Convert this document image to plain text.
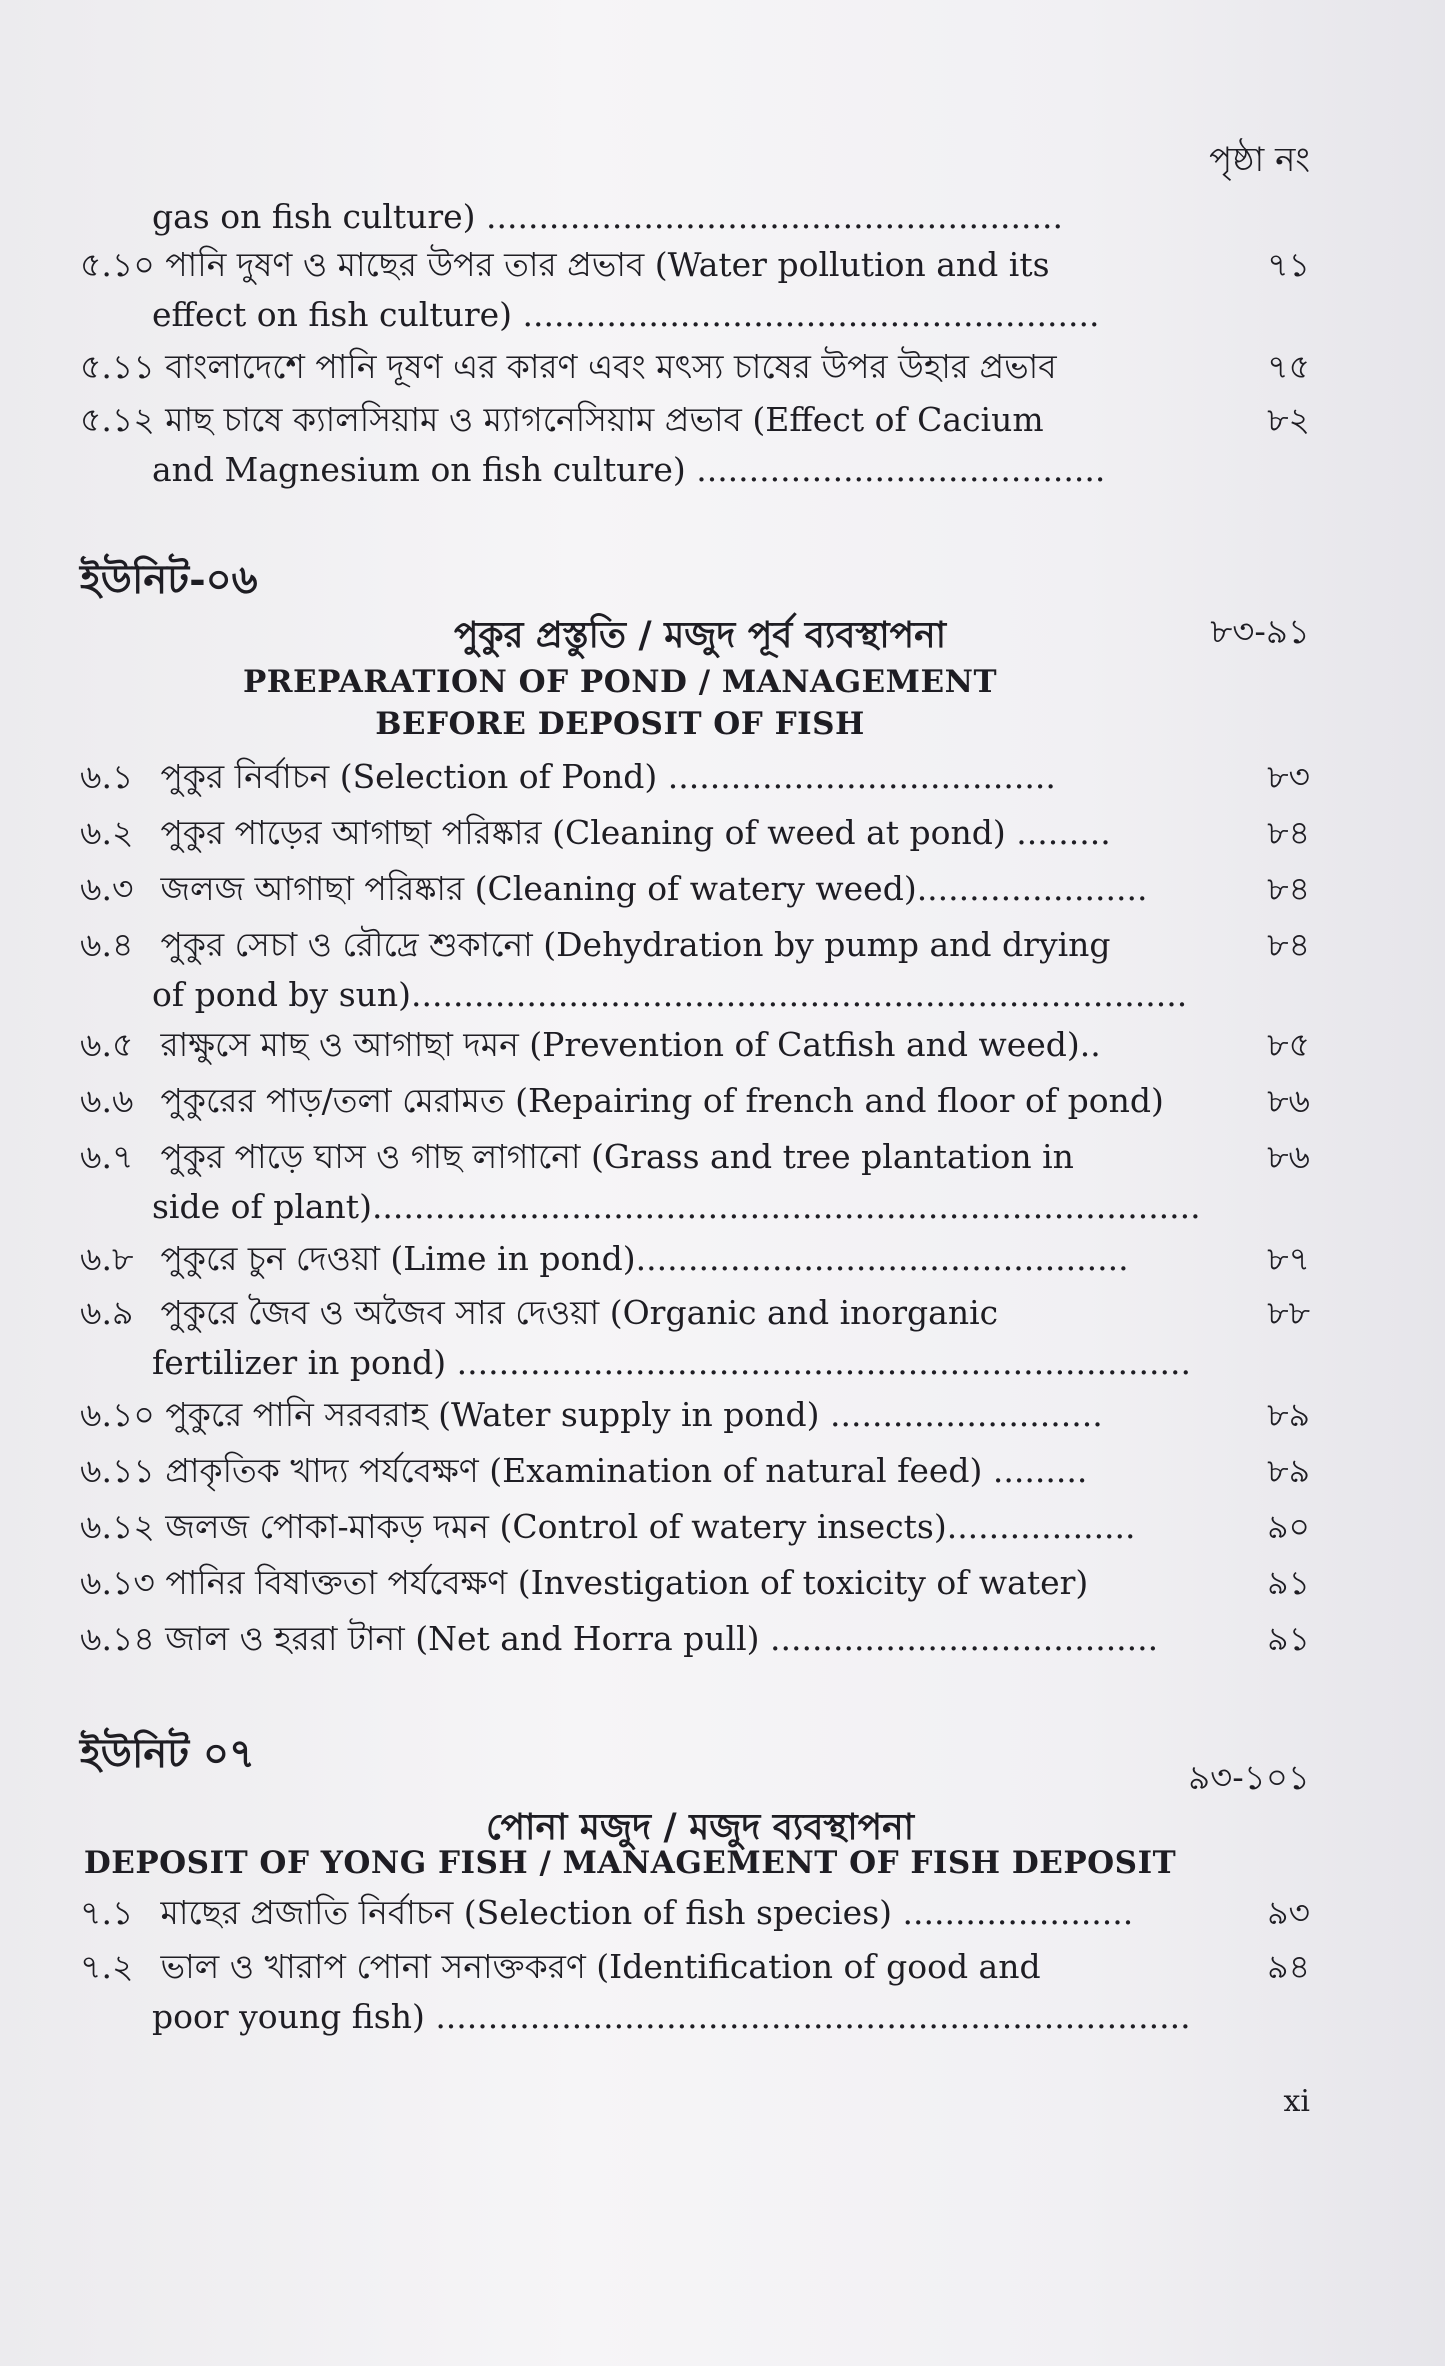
পৃষ্ঠা নং
gas on fish culture) .......................................................
৫.১০ পানি দুষণ ও মাছের উপর তার প্রভাব (Water pollution and its	৭১
effect on fish culture) .......................................................
৫.১১ বাংলাদেশে পানি দূষণ এর কারণ এবং মৎস্য চাষের উপর উহার প্রভাব	৭৫
৫.১২ মাছ চাষে ক্যালসিয়াম ও ম্যাগনেসিয়াম প্রভাব (Effect of Cacium	৮২
and Magnesium on fish culture) .......................................
ইউনিট-০৬
পুকুর প্রস্তুতি / মজুদ পূর্ব ব্যবস্থাপনা	৮৩-৯১
PREPARATION OF POND / MANAGEMENT
BEFORE DEPOSIT OF FISH
৬.১ পুকুর নির্বাচন (Selection of Pond) .....................................	৮৩
৬.২ পুকুর পাড়ের আগাছা পরিষ্কার (Cleaning of weed at pond) .........	৮৪
৬.৩ জলজ আগাছা পরিষ্কার (Cleaning of watery weed)......................	৮৪
৬.৪ পুকুর সেচা ও রৌদ্রে শুকানো (Dehydration by pump and drying	৮৪
of pond by sun)..........................................................................
৬.৫ রাক্ষুসে মাছ ও আগাছা দমন (Prevention of Catfish and weed)..	৮৫
৬.৬ পুকুরের পাড়/তলা মেরামত (Repairing of french and floor of pond)	৮৬
৬.৭ পুকুর পাড়ে ঘাস ও গাছ লাগানো (Grass and tree plantation in	৮৬
side of plant)...............................................................................
৬.৮ পুকুরে চুন দেওয়া (Lime in pond)...............................................	৮৭
৬.৯ পুকুরে জৈব ও অজৈব সার দেওয়া (Organic and inorganic	৮৮
fertilizer in pond) ......................................................................
৬.১০ পুকুরে পানি সরবরাহ (Water supply in pond) ..........................	৮৯
৬.১১ প্রাকৃতিক খাদ্য পর্যবেক্ষণ (Examination of natural feed) .........	৮৯
৬.১২ জলজ পোকা-মাকড় দমন (Control of watery insects)..................	৯০
৬.১৩ পানির বিষাক্ততা পর্যবেক্ষণ (Investigation of toxicity of water)	৯১
৬.১৪ জাল ও হররা টানা (Net and Horra pull) .....................................	৯১
ইউনিট ০৭
৯৩-১০১
পোনা মজুদ / মজুদ ব্যবস্থাপনা
DEPOSIT OF YONG FISH / MANAGEMENT OF FISH DEPOSIT
৭.১ মাছের প্রজাতি নির্বাচন (Selection of fish species) ......................	৯৩
৭.২ ভাল ও খারাপ পোনা সনাক্তকরণ (Identification of good and	৯৪
poor young fish) ........................................................................
xi
